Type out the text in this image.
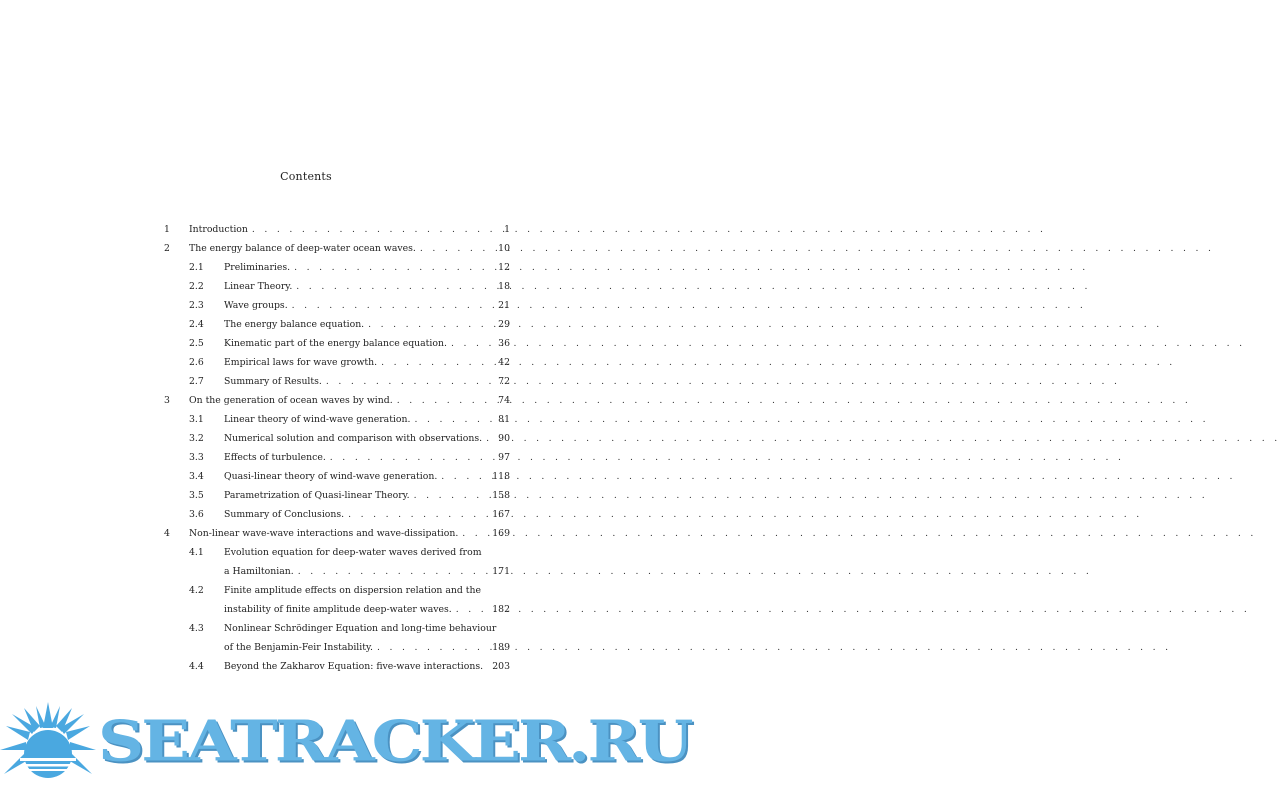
Contents
1 Introduction . . .	1
2 The energy balance of deep-water ocean waves. . . .	10
2.1 Preliminaries. . . .	12
2.2 Linear Theory. . . .	18
2.3 Wave groups. . . .	21
2.4 The energy balance equation. . . .	29
2.5 Kinematic part of the energy balance equation. . . .	36
2.6 Empirical laws for wave growth. . . .	42
2.7 Summary of Results. . . .	72
3 On the generation of ocean waves by wind. . . .	74
3.1 Linear theory of wind-wave generation. . . .	81
3.2 Numerical solution and comparison with observations. . . . 90
3.3 Effects of turbulence. . . .	97
3.4 Quasi-linear theory of wind-wave generation. . . .	118
3.5 Parametrization of Quasi-linear Theory. . . .	158
3.6 Summary of Conclusions. . . .	167
4 Non-linear wave-wave interactions and wave-dissipation. . . .	169
4.1 Evolution equation for deep-water waves derived from
a Hamiltonian. . . .	171
4.2 Finite amplitude effects on dispersion relation and the
instability of finite amplitude deep-water waves. . . .	182
4.3 Nonlinear Schrödinger Equation and long-time behaviour
of the Benjamin-Feir Instability. . . .	189
4.4 Beyond the Zakharov Equation: five-wave interactions. 203
SEATRACKER.RU
